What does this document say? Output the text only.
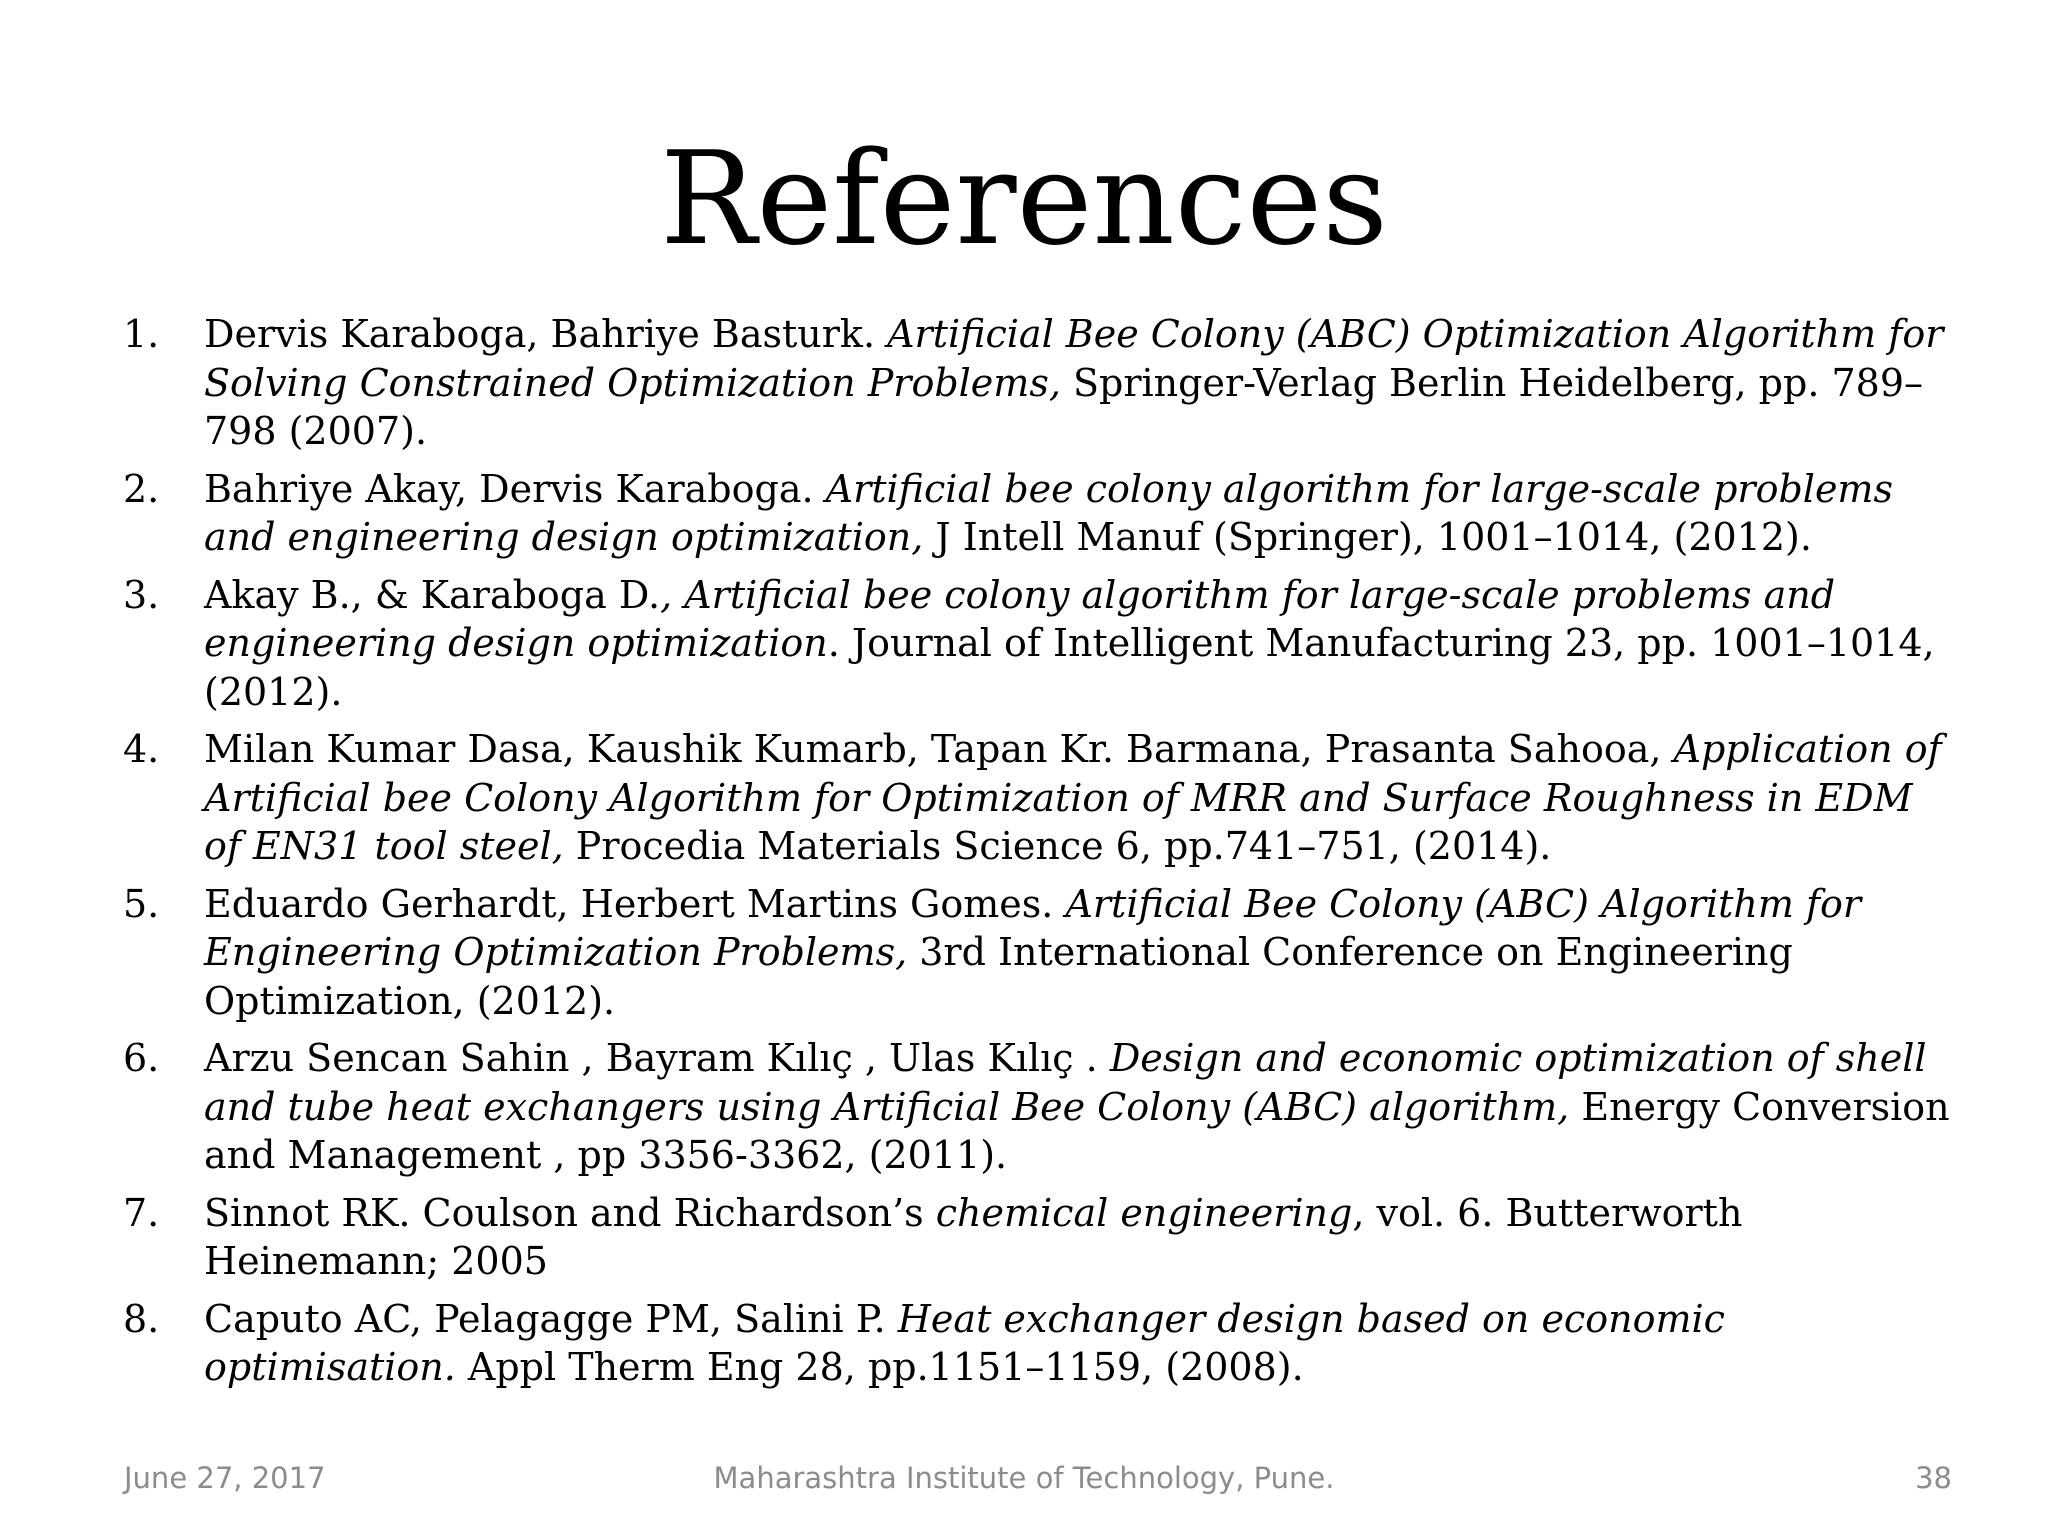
References
1. Dervis Karaboga, Bahriye Basturk. Artificial Bee Colony (ABC) Optimization Algorithm for Solving Constrained Optimization Problems, Springer-Verlag Berlin Heidelberg, pp. 789–798 (2007).
2. Bahriye Akay, Dervis Karaboga. Artificial bee colony algorithm for large-scale problems and engineering design optimization, J Intell Manuf (Springer), 1001–1014, (2012).
3. Akay B., & Karaboga D., Artificial bee colony algorithm for large-scale problems and engineering design optimization. Journal of Intelligent Manufacturing 23, pp. 1001–1014, (2012).
4. Milan Kumar Dasa, Kaushik Kumarb, Tapan Kr. Barmana, Prasanta Sahooa, Application of Artificial bee Colony Algorithm for Optimization of MRR and Surface Roughness in EDM of EN31 tool steel, Procedia Materials Science 6, pp.741–751, (2014).
5. Eduardo Gerhardt, Herbert Martins Gomes. Artificial Bee Colony (ABC) Algorithm for Engineering Optimization Problems, 3rd International Conference on Engineering Optimization, (2012).
6. Arzu Sencan Sahin , Bayram Kılıç , Ulas Kılıç . Design and economic optimization of shell and tube heat exchangers using Artificial Bee Colony (ABC) algorithm, Energy Conversion and Management , pp 3356-3362, (2011).
7. Sinnot RK. Coulson and Richardson’s chemical engineering, vol. 6. Butterworth Heinemann; 2005
8. Caputo AC, Pelagagge PM, Salini P. Heat exchanger design based on economic optimisation. Appl Therm Eng 28, pp.1151–1159, (2008).
June 27, 2017	Maharashtra Institute of Technology, Pune.	38
